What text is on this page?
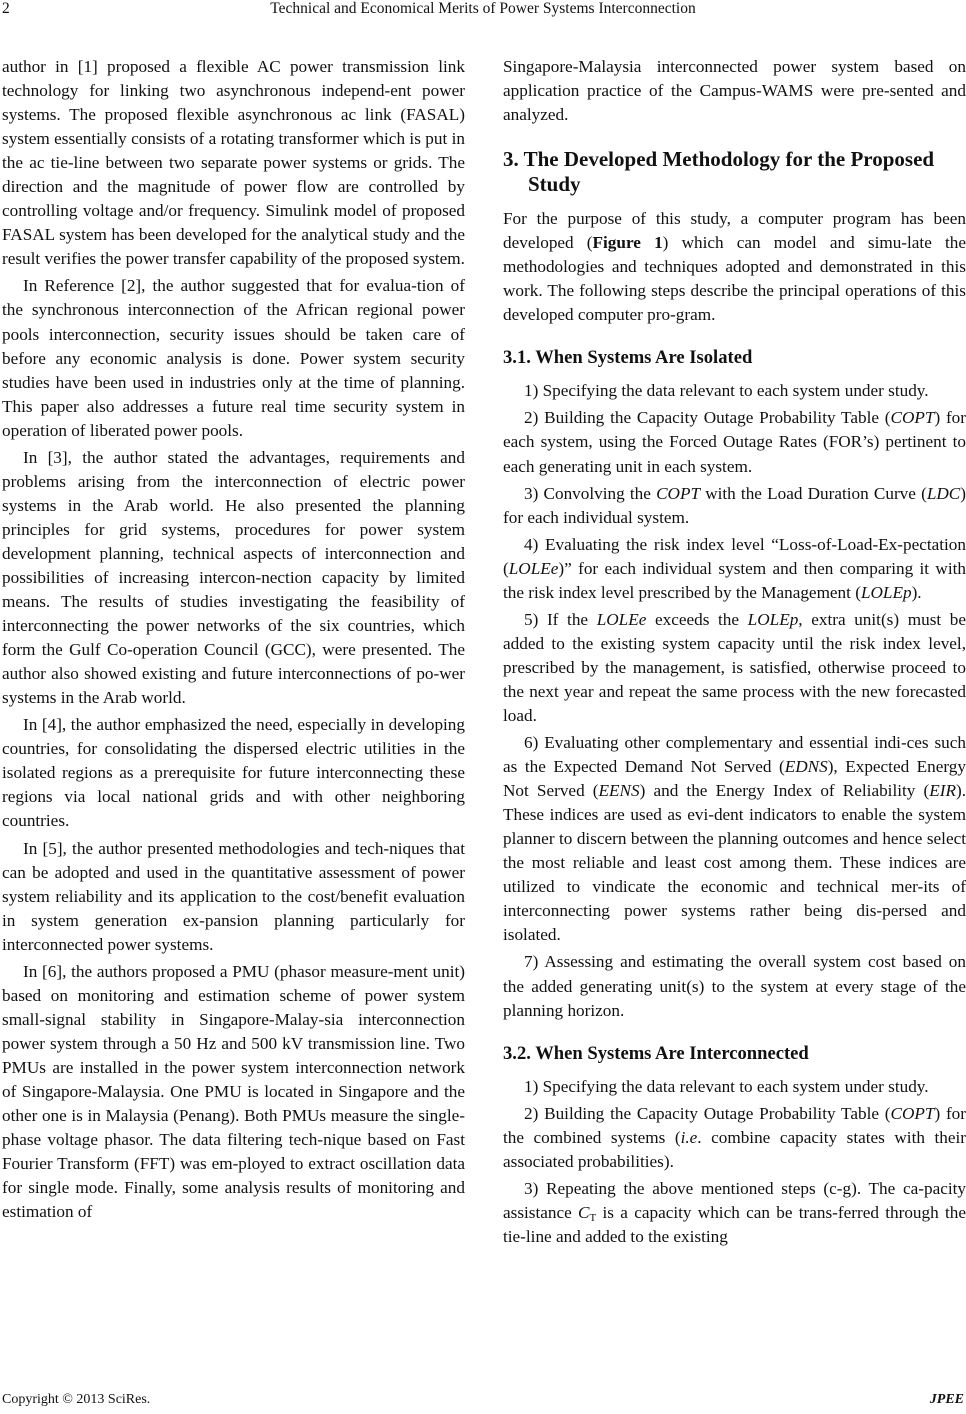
2	Technical and Economical Merits of Power Systems Interconnection

author in [1] proposed a flexible AC power transmission link technology for linking two asynchronous independ-ent power systems. The proposed flexible asynchronous ac link (FASAL) system essentially consists of a rotating transformer which is put in the ac tie-line between two separate power systems or grids. The direction and the magnitude of power flow are controlled by controlling voltage and/or frequency. Simulink model of proposed FASAL system has been developed for the analytical study and the result verifies the power transfer capability of the proposed system.

In Reference [2], the author suggested that for evalua-tion of the synchronous interconnection of the African regional power pools interconnection, security issues should be taken care of before any economic analysis is done. Power system security studies have been used in industries only at the time of planning. This paper also addresses a future real time security system in operation of liberated power pools.

In [3], the author stated the advantages, requirements and problems arising from the interconnection of electric power systems in the Arab world. He also presented the planning principles for grid systems, procedures for power system development planning, technical aspects of interconnection and possibilities of increasing intercon-nection capacity by limited means. The results of studies investigating the feasibility of interconnecting the power networks of the six countries, which form the Gulf Co-operation Council (GCC), were presented. The author also showed existing and future interconnections of po-wer systems in the Arab world.

In [4], the author emphasized the need, especially in developing countries, for consolidating the dispersed electric utilities in the isolated regions as a prerequisite for future interconnecting these regions via local national grids and with other neighboring countries.

In [5], the author presented methodologies and tech-niques that can be adopted and used in the quantitative assessment of power system reliability and its application to the cost/benefit evaluation in system generation ex-pansion planning particularly for interconnected power systems.

In [6], the authors proposed a PMU (phasor measure-ment unit) based on monitoring and estimation scheme of power system small-signal stability in Singapore-Malay-sia interconnection power system through a 50 Hz and 500 kV transmission line. Two PMUs are installed in the power system interconnection network of Singapore-Malaysia. One PMU is located in Singapore and the other one is in Malaysia (Penang). Both PMUs measure the single-phase voltage phasor. The data filtering tech-nique based on Fast Fourier Transform (FFT) was em-ployed to extract oscillation data for single mode. Finally, some analysis results of monitoring and estimation of

Singapore-Malaysia interconnected power system based on application practice of the Campus-WAMS were pre-sented and analyzed.

3. The Developed Methodology for the Proposed Study

For the purpose of this study, a computer program has been developed (Figure 1) which can model and simu-late the methodologies and techniques adopted and demonstrated in this work. The following steps describe the principal operations of this developed computer pro-gram.

3.1. When Systems Are Isolated

1) Specifying the data relevant to each system under study.

2) Building the Capacity Outage Probability Table (COPT) for each system, using the Forced Outage Rates (FOR’s) pertinent to each generating unit in each system.

3) Convolving the COPT with the Load Duration Curve (LDC) for each individual system.

4) Evaluating the risk index level “Loss-of-Load-Ex-pectation (LOLEe)” for each individual system and then comparing it with the risk index level prescribed by the Management (LOLEp).

5) If the LOLEe exceeds the LOLEp, extra unit(s) must be added to the existing system capacity until the risk index level, prescribed by the management, is satisfied, otherwise proceed to the next year and repeat the same process with the new forecasted load.

6) Evaluating other complementary and essential indi-ces such as the Expected Demand Not Served (EDNS), Expected Energy Not Served (EENS) and the Energy Index of Reliability (EIR). These indices are used as evi-dent indicators to enable the system planner to discern between the planning outcomes and hence select the most reliable and least cost among them. These indices are utilized to vindicate the economic and technical mer-its of interconnecting power systems rather being dis-persed and isolated.

7) Assessing and estimating the overall system cost based on the added generating unit(s) to the system at every stage of the planning horizon.

3.2. When Systems Are Interconnected

1) Specifying the data relevant to each system under study.

2) Building the Capacity Outage Probability Table (COPT) for the combined systems (i.e. combine capacity states with their associated probabilities).

3) Repeating the above mentioned steps (c-g). The ca-pacity assistance $C_T$ is a capacity which can be trans-ferred through the tie-line and added to the existing

Copyright © 2013 SciRes.	JPEE
